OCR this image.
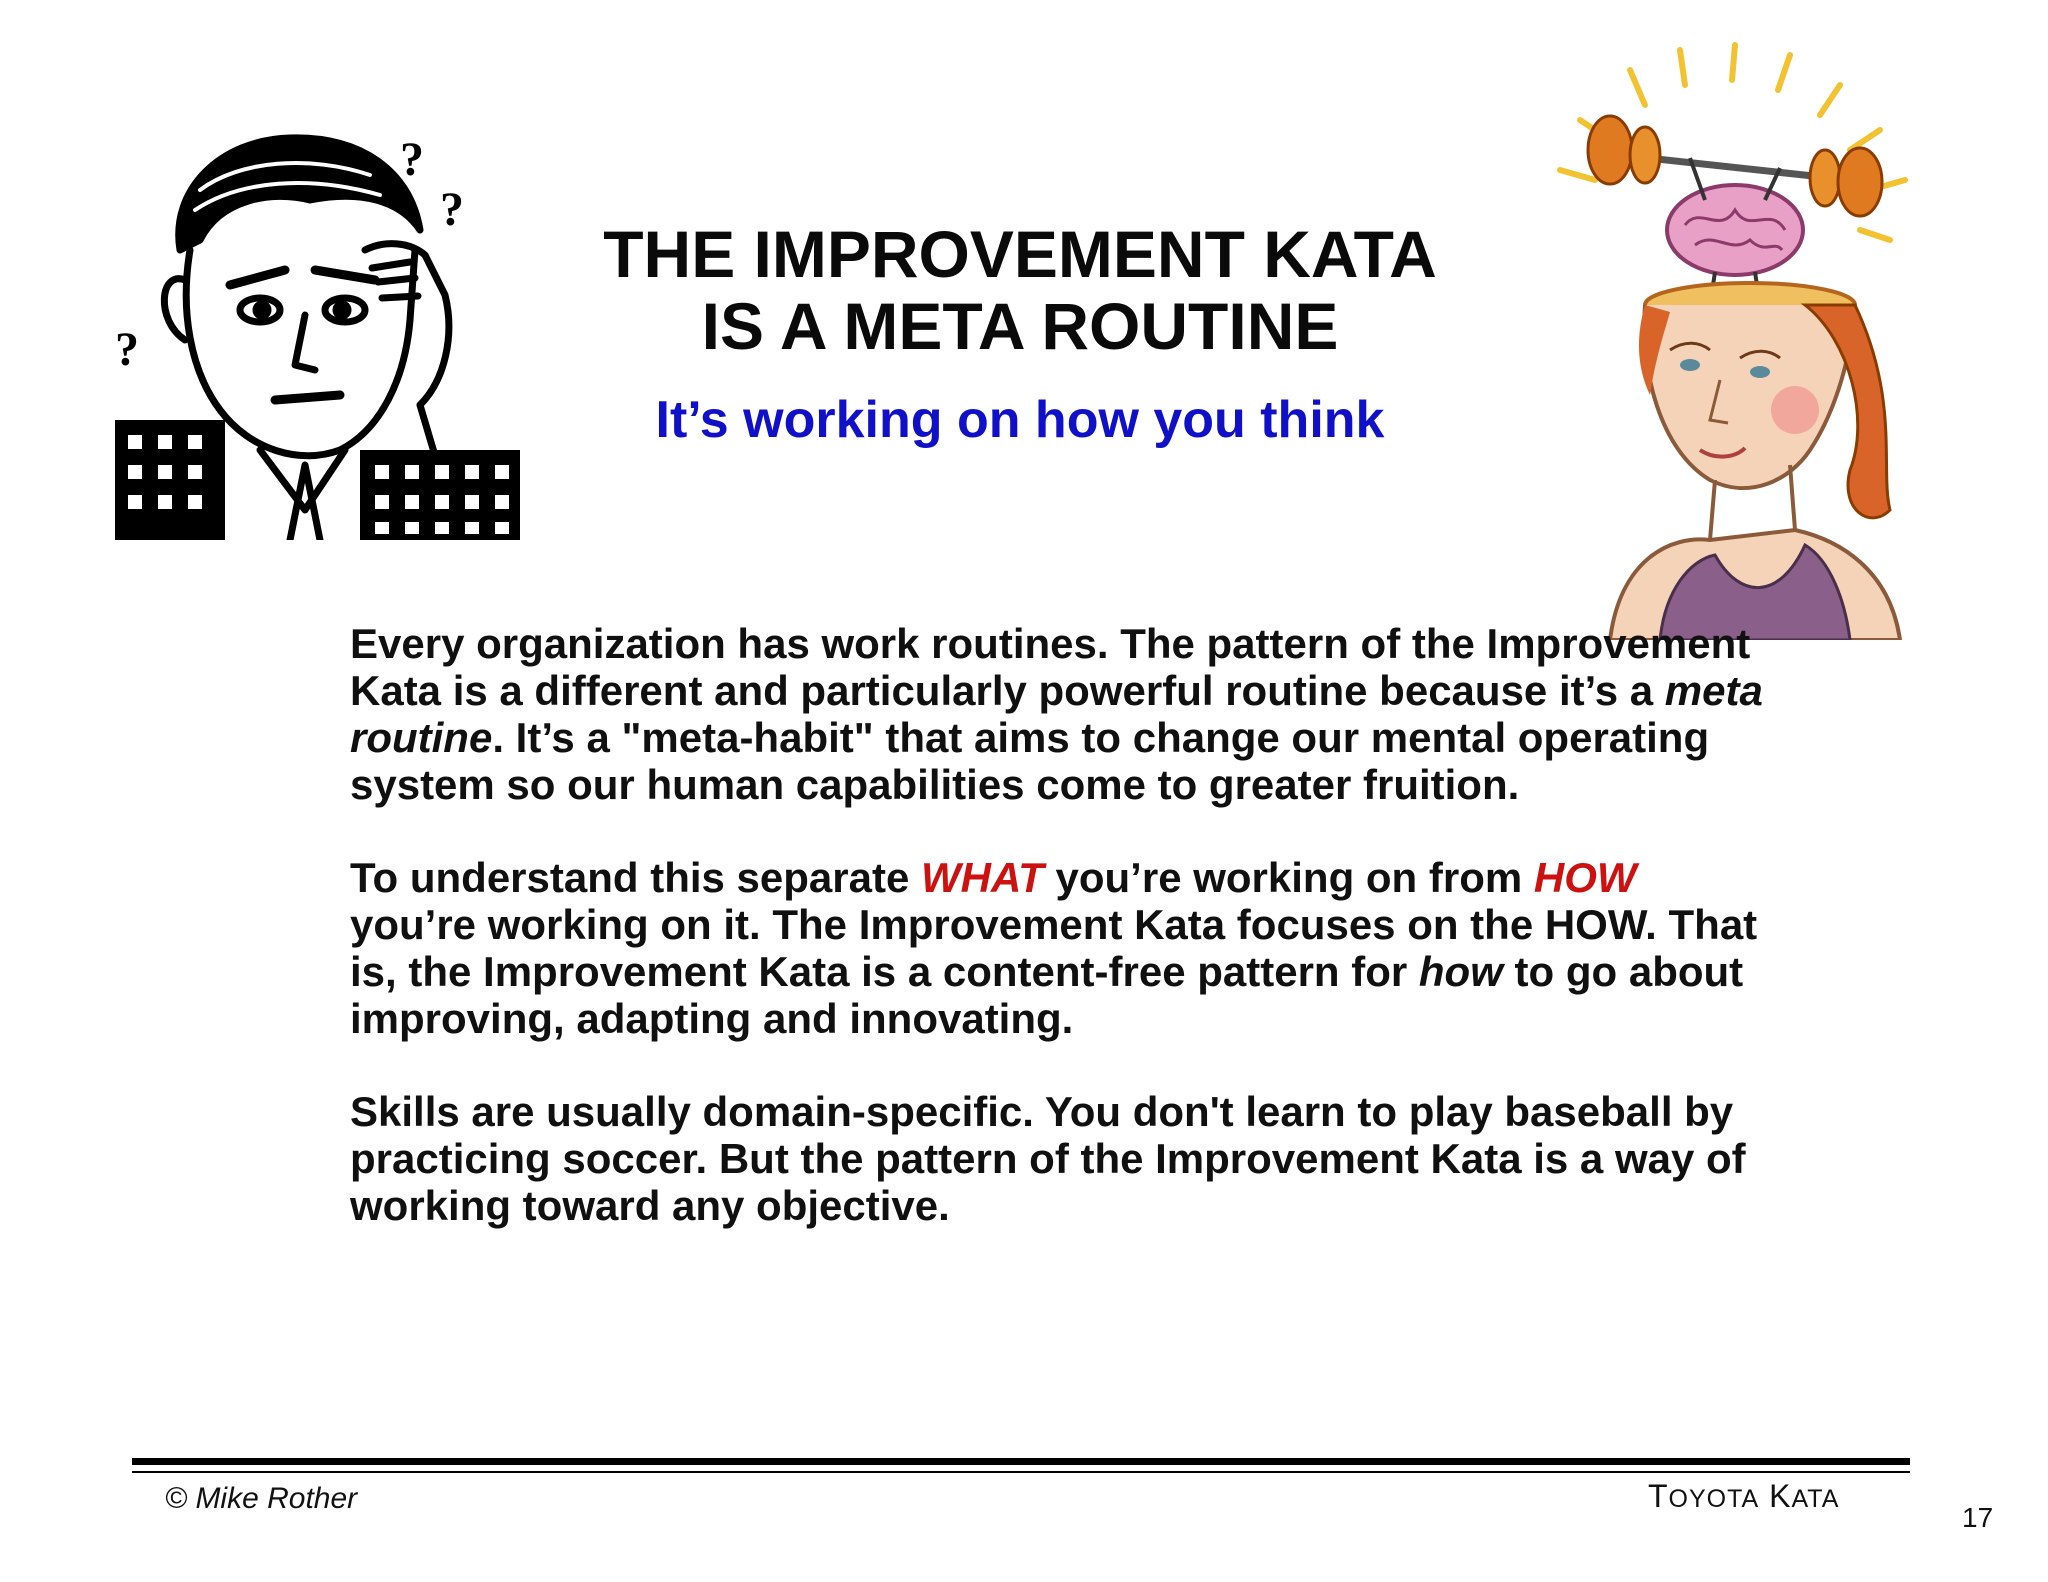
?
?
?
THE IMPROVEMENT KATA
IS A META ROUTINE
It’s working on how you think

Every organization has work routines. The pattern of the Improvement Kata is a different and particularly powerful routine because it’s a meta routine. It’s a "meta-habit" that aims to change our mental operating system so our human capabilities come to greater fruition.

To understand this separate WHAT you’re working on from HOW you’re working on it. The Improvement Kata focuses on the HOW. That is, the Improvement Kata is a content-free pattern for how to go about improving, adapting and innovating.

Skills are usually domain-specific. You don't learn to play baseball by practicing soccer. But the pattern of the Improvement Kata is a way of working toward any objective.

© Mike Rother	TOYOTA KATA
17
